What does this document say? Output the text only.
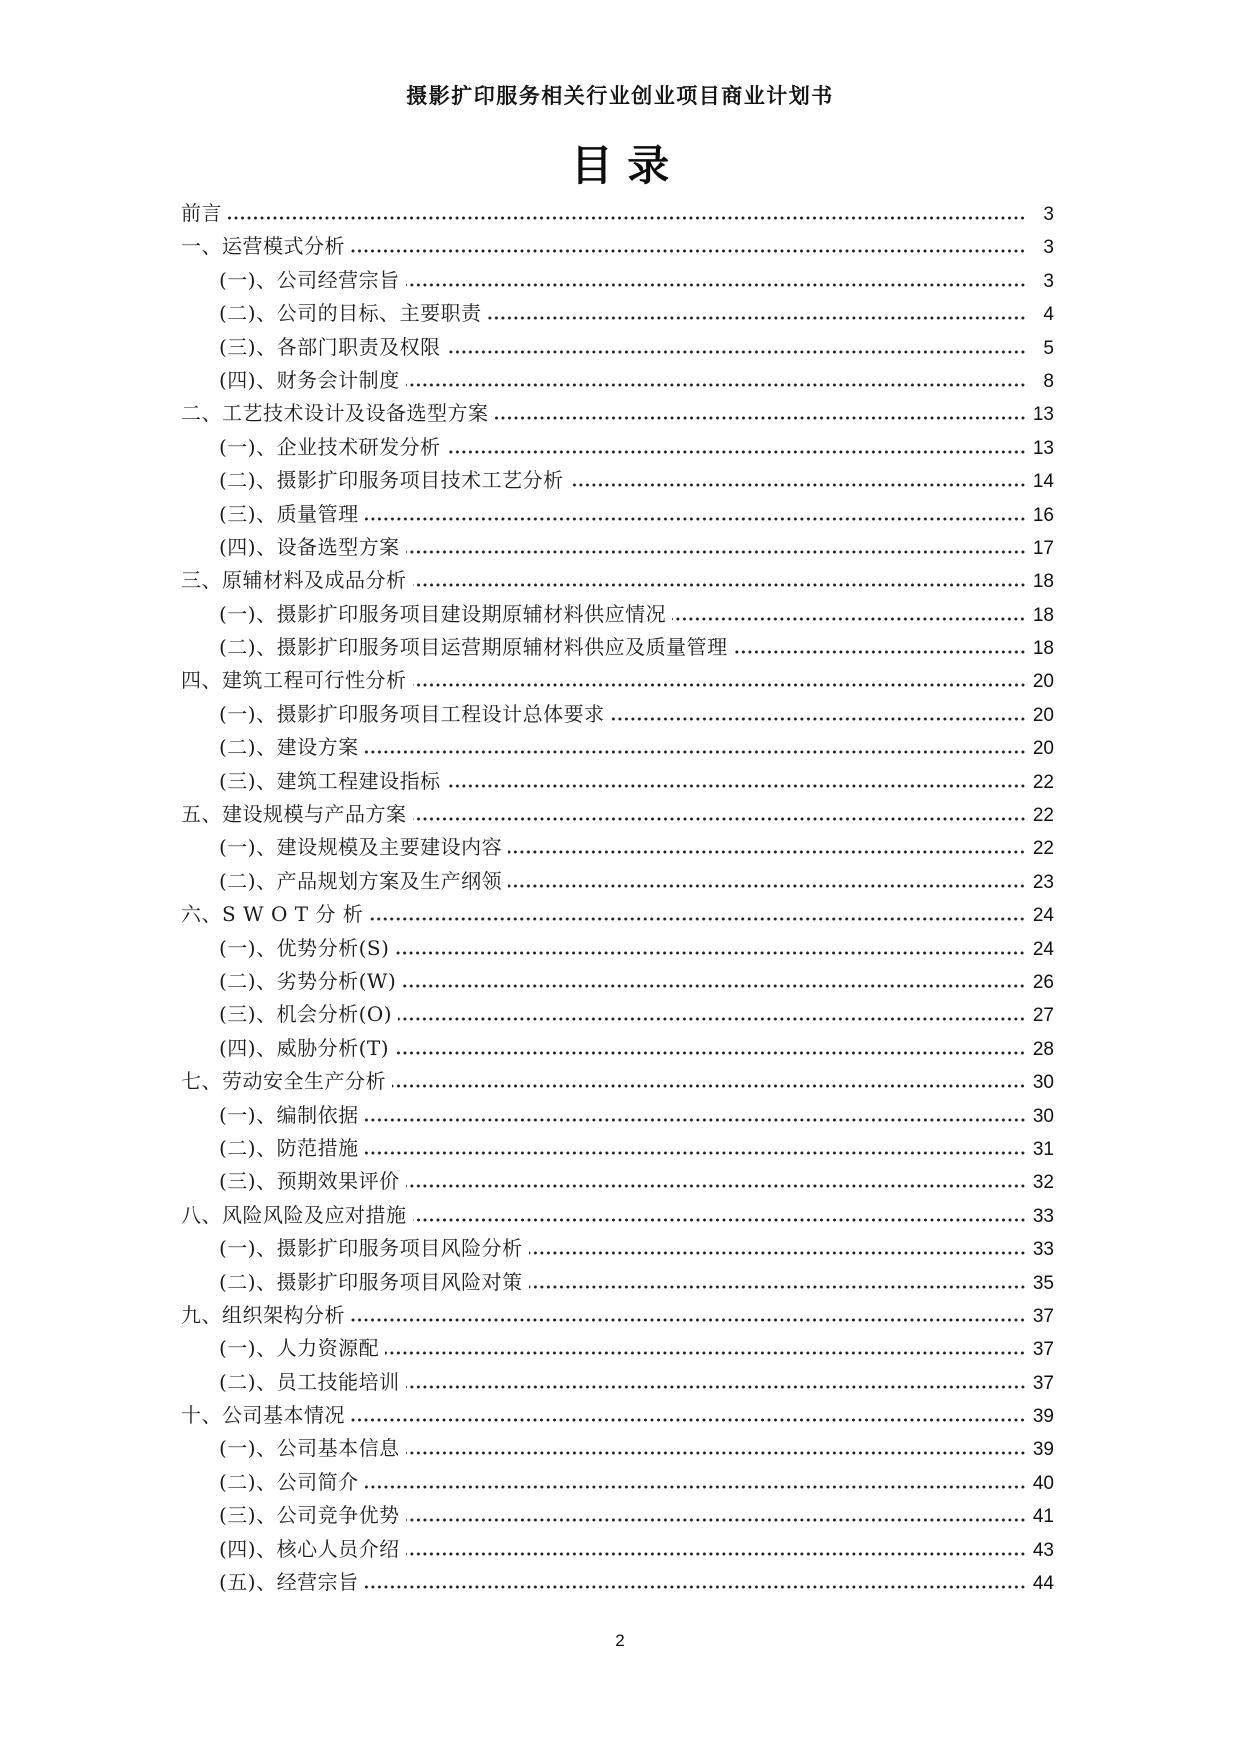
摄影扩印服务相关行业创业项目商业计划书
目 录
前言	3
一、运营模式分析	3
(一)、公司经营宗旨	3
(二)、公司的目标、主要职责	4
(三)、各部门职责及权限	5
(四)、财务会计制度	8
二、工艺技术设计及设备选型方案	13
(一)、企业技术研发分析	13
(二)、摄影扩印服务项目技术工艺分析	14
(三)、质量管理	16
(四)、设备选型方案	17
三、原辅材料及成品分析	18
(一)、摄影扩印服务项目建设期原辅材料供应情况	18
(二)、摄影扩印服务项目运营期原辅材料供应及质量管理	18
四、建筑工程可行性分析	20
(一)、摄影扩印服务项目工程设计总体要求	20
(二)、建设方案	20
(三)、建筑工程建设指标	22
五、建设规模与产品方案	22
(一)、建设规模及主要建设内容	22
(二)、产品规划方案及生产纲领	23
六、S W O T 分 析	24
(一)、优势分析(S)	24
(二)、劣势分析(W)	26
(三)、机会分析(O)	27
(四)、威胁分析(T)	28
七、劳动安全生产分析	30
(一)、编制依据	30
(二)、防范措施	31
(三)、预期效果评价	32
八、风险风险及应对措施	33
(一)、摄影扩印服务项目风险分析	33
(二)、摄影扩印服务项目风险对策	35
九、组织架构分析	37
(一)、人力资源配	37
(二)、员工技能培训	37
十、公司基本情况	39
(一)、公司基本信息	39
(二)、公司简介	40
(三)、公司竞争优势	41
(四)、核心人员介绍	43
(五)、经营宗旨	44
2
